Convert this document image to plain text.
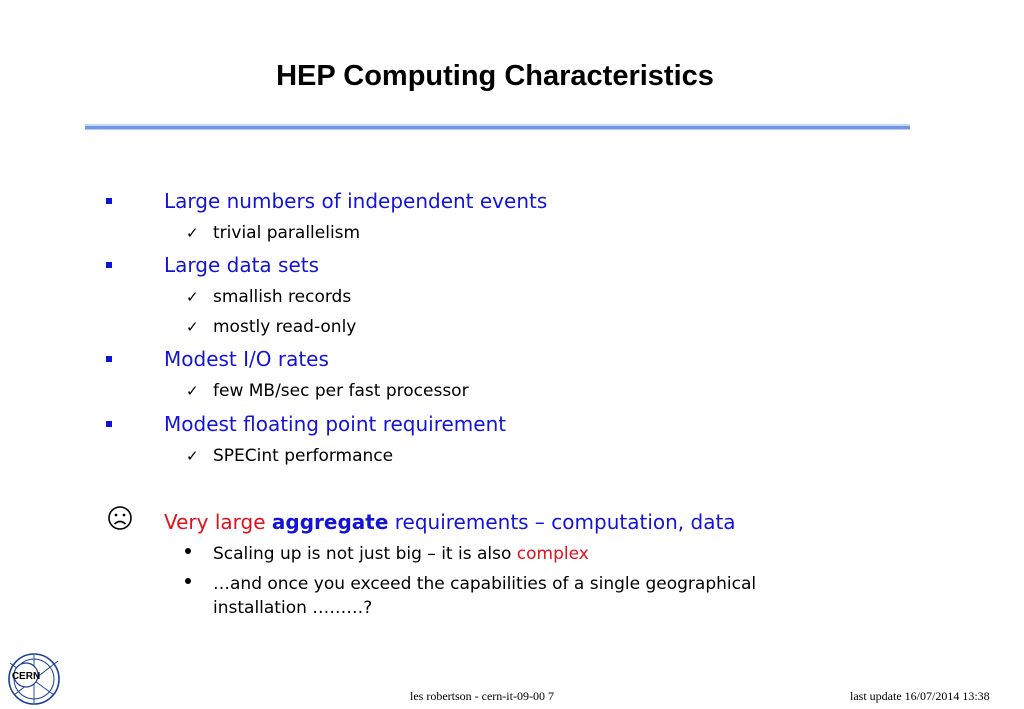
HEP Computing Characteristics
Large numbers of independent events
✓ trivial parallelism
Large data sets
✓ smallish records
✓ mostly read-only
Modest I/O rates
✓ few MB/sec per fast processor
Modest floating point requirement
✓ SPECint performance
Very large aggregate requirements – computation, data
Scaling up is not just big – it is also complex
…and once you exceed the capabilities of a single geographical
installation ………?
CERN
les robertson - cern-it-09-00 7	last update 16/07/2014 13:38
